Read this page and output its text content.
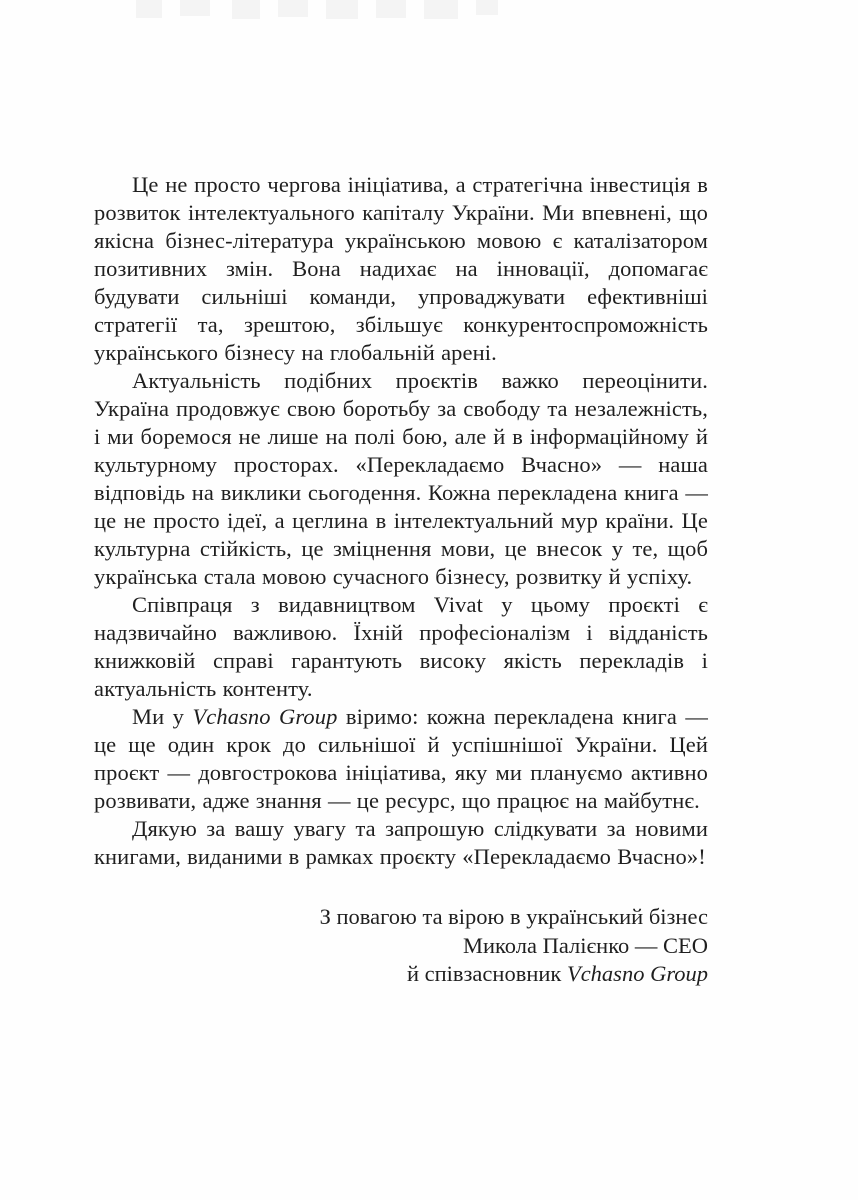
Це не просто чергова ініціатива, а стратегічна інвестиція в розвиток інтелектуального капіталу України. Ми впевнені, що якісна бізнес-література українською мовою є каталізатором позитивних змін. Вона надихає на інновації, допомагає будувати сильніші команди, упроваджувати ефективніші стратегії та, зрештою, збільшує конкурентоспроможність українського бізнесу на глобальній арені.

Актуальність подібних проєктів важко переоцінити. Україна продовжує свою боротьбу за свободу та незалежність, і ми боремося не лише на полі бою, але й в інформаційному й культурному просторах. «Перекладаємо Вчасно» — наша відповідь на виклики сьогодення. Кожна перекладена книга — це не просто ідеї, а цеглина в інтелектуальний мур країни. Це культурна стійкість, це зміцнення мови, це внесок у те, щоб українська стала мовою сучасного бізнесу, розвитку й успіху.

Співпраця з видавництвом Vivat у цьому проєкті є надзвичайно важливою. Їхній професіоналізм і відданість книжковій справі гарантують високу якість перекладів і актуальність контенту.

Ми у Vchasno Group віримо: кожна перекладена книга — це ще один крок до сильнішої й успішнішої України. Цей проєкт — довгострокова ініціатива, яку ми плануємо активно розвивати, адже знання — це ресурс, що працює на майбутнє.

Дякую за вашу увагу та запрошую слідкувати за новими книгами, виданими в рамках проєкту «Перекладаємо Вчасно»!

З повагою та вірою в український бізнес
Микола Палієнко — CEO
й співзасновник Vchasno Group
